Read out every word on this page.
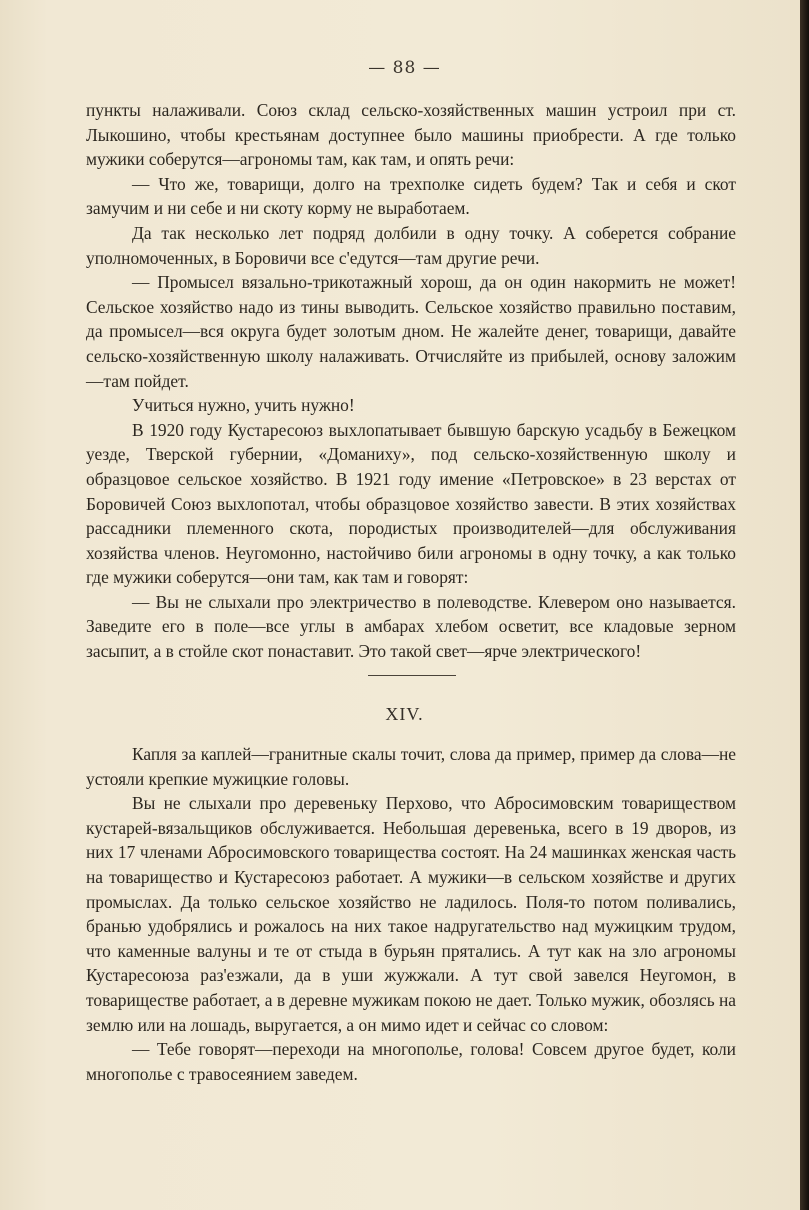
— 88 —

пункты налаживали. Союз склад сельско-хозяйственных машин устроил при ст. Лыкошино, чтобы крестьянам доступнее было машины приобрести. А где только мужики соберутся—агрономы там, как там, и опять речи:

— Что же, товарищи, долго на трехполке сидеть будем? Так и себя и скот замучим и ни себе и ни скоту корму не выработаем.

Да так несколько лет подряд долбили в одну точку. А соберется собрание уполномоченных, в Боровичи все с'едутся—там другие речи.

— Промысел вязально-трикотажный хорош, да он один накормить не может! Сельское хозяйство надо из тины выводить. Сельское хозяйство правильно поставим, да промысел—вся округа будет золотым дном. Не жалейте денег, товарищи, давайте сельско-хозяйственную школу налаживать. Отчисляйте из прибылей, основу заложим—там пойдет.

Учиться нужно, учить нужно!

В 1920 году Кустаресоюз выхлопатывает бывшую барскую усадьбу в Бежецком уезде, Тверской губернии, «Доманиху», под сельско-хозяйственную школу и образцовое сельское хозяйство. В 1921 году имение «Петровское» в 23 верстах от Боровичей Союз выхлопотал, чтобы образцовое хозяйство завести. В этих хозяйствах рассадники племенного скота, породистых производителей—для обслуживания хозяйства членов. Неугомонно, настойчиво били агрономы в одну точку, а как только где мужики соберутся—они там, как там и говорят:

— Вы не слыхали про электричество в полеводстве. Клевером оно называется. Заведите его в поле—все углы в амбарах хлебом осветит, все кладовые зерном засыпит, а в стойле скот понаставит. Это такой свет—ярче электрического!

XIV.

Капля за каплей—гранитные скалы точит, слова да пример, пример да слова—не устояли крепкие мужицкие головы.

Вы не слыхали про деревеньку Перхово, что Абросимовским товариществом кустарей-вязальщиков обслуживается. Небольшая деревенька, всего в 19 дворов, из них 17 членами Абросимовского товарищества состоят. На 24 машинках женская часть на товарищество и Кустаресоюз работает. А мужики—в сельском хозяйстве и других промыслах. Да только сельское хозяйство не ладилось. Поля-то потом поливались, бранью удобрялись и рожалось на них такое надругательство над мужицким трудом, что каменные валуны и те от стыда в бурьян прятались. А тут как на зло агрономы Кустаресоюза раз'езжали, да в уши жужжали. А тут свой завелся Неугомон, в товариществе работает, а в деревне мужикам покою не дает. Только мужик, обозлясь на землю или на лошадь, выругается, а он мимо идет и сейчас со словом:

— Тебе говорят—переходи на многополье, голова! Совсем другое будет, коли многополье с травосеянием заведем.
